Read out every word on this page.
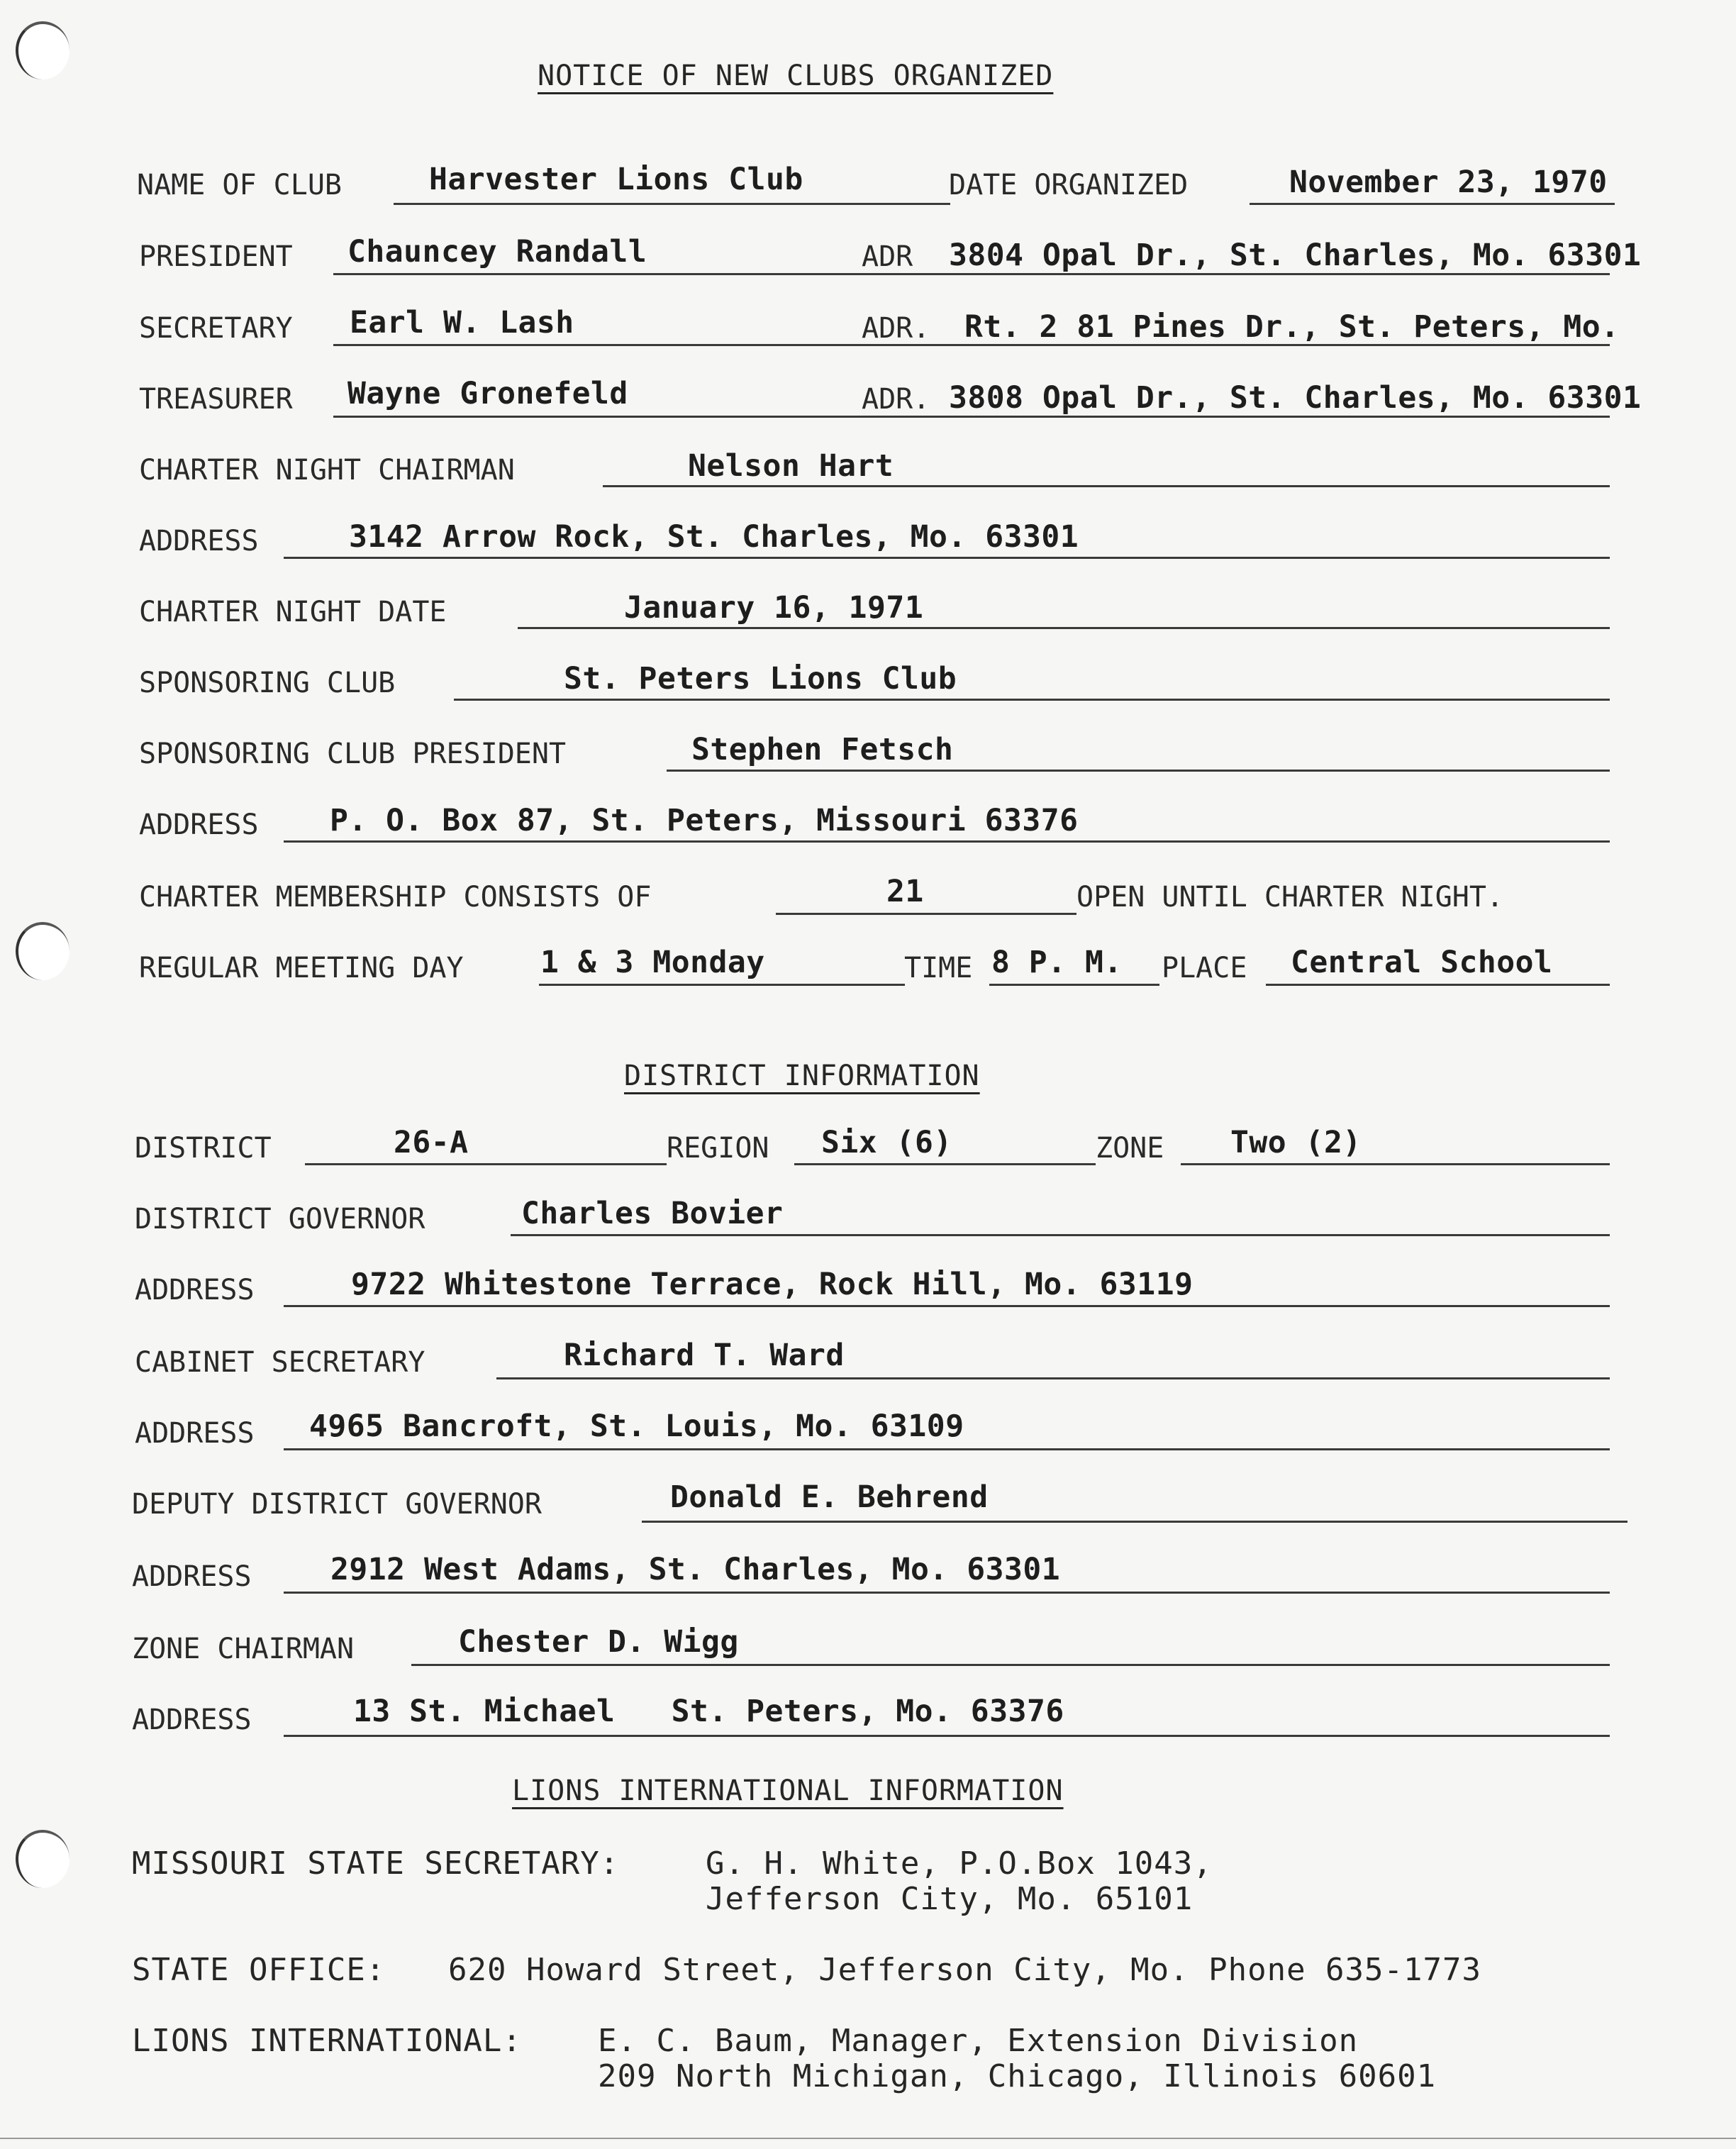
NOTICE OF NEW CLUBS ORGANIZED
NAME OF CLUB	Harvester Lions Club	DATE ORGANIZED	November 23, 1970
PRESIDENT Chauncey Randall	ADR 3804 Opal Dr., St. Charles, Mo. 63301
SECRETARY Earl W. Lash	ADR. Rt. 2 81 Pines Dr., St. Peters, Mo.
TREASURER Wayne Gronefeld	ADR. 3808 Opal Dr., St. Charles, Mo. 63301
CHARTER NIGHT CHAIRMAN	Nelson Hart
ADDRESS	3142 Arrow Rock, St. Charles, Mo. 63301
CHARTER NIGHT DATE	January 16, 1971
SPONSORING CLUB	St. Peters Lions Club
SPONSORING CLUB PRESIDENT	Stephen Fetsch
ADDRESS P. O. Box 87, St. Peters, Missouri 63376
CHARTER MEMBERSHIP CONSISTS OF	21	OPEN UNTIL CHARTER NIGHT.
REGULAR MEETING DAY	1 & 3 Monday	TIME 8 P. M. PLACE Central School
DISTRICT INFORMATION
DISTRICT	26-A	REGION Six (6)	ZONE Two (2)
DISTRICT GOVERNOR	Charles Bovier
ADDRESS	9722 Whitestone Terrace, Rock Hill, Mo. 63119
CABINET SECRETARY	Richard T. Ward
ADDRESS 4965 Bancroft, St. Louis, Mo. 63109
DEPUTY DISTRICT GOVERNOR	Donald E. Behrend
ADDRESS	2912 West Adams, St. Charles, Mo. 63301
ZONE CHAIRMAN	Chester D. Wigg
ADDRESS	13 St. Michael   St. Peters, Mo. 63376
LIONS INTERNATIONAL INFORMATION
MISSOURI STATE SECRETARY:	G. H. White, P.O.Box 1043,
Jefferson City, Mo. 65101
STATE OFFICE: 620 Howard Street, Jefferson City, Mo. Phone 635-1773
LIONS INTERNATIONAL: E. C. Baum, Manager, Extension Division
209 North Michigan, Chicago, Illinois 60601
